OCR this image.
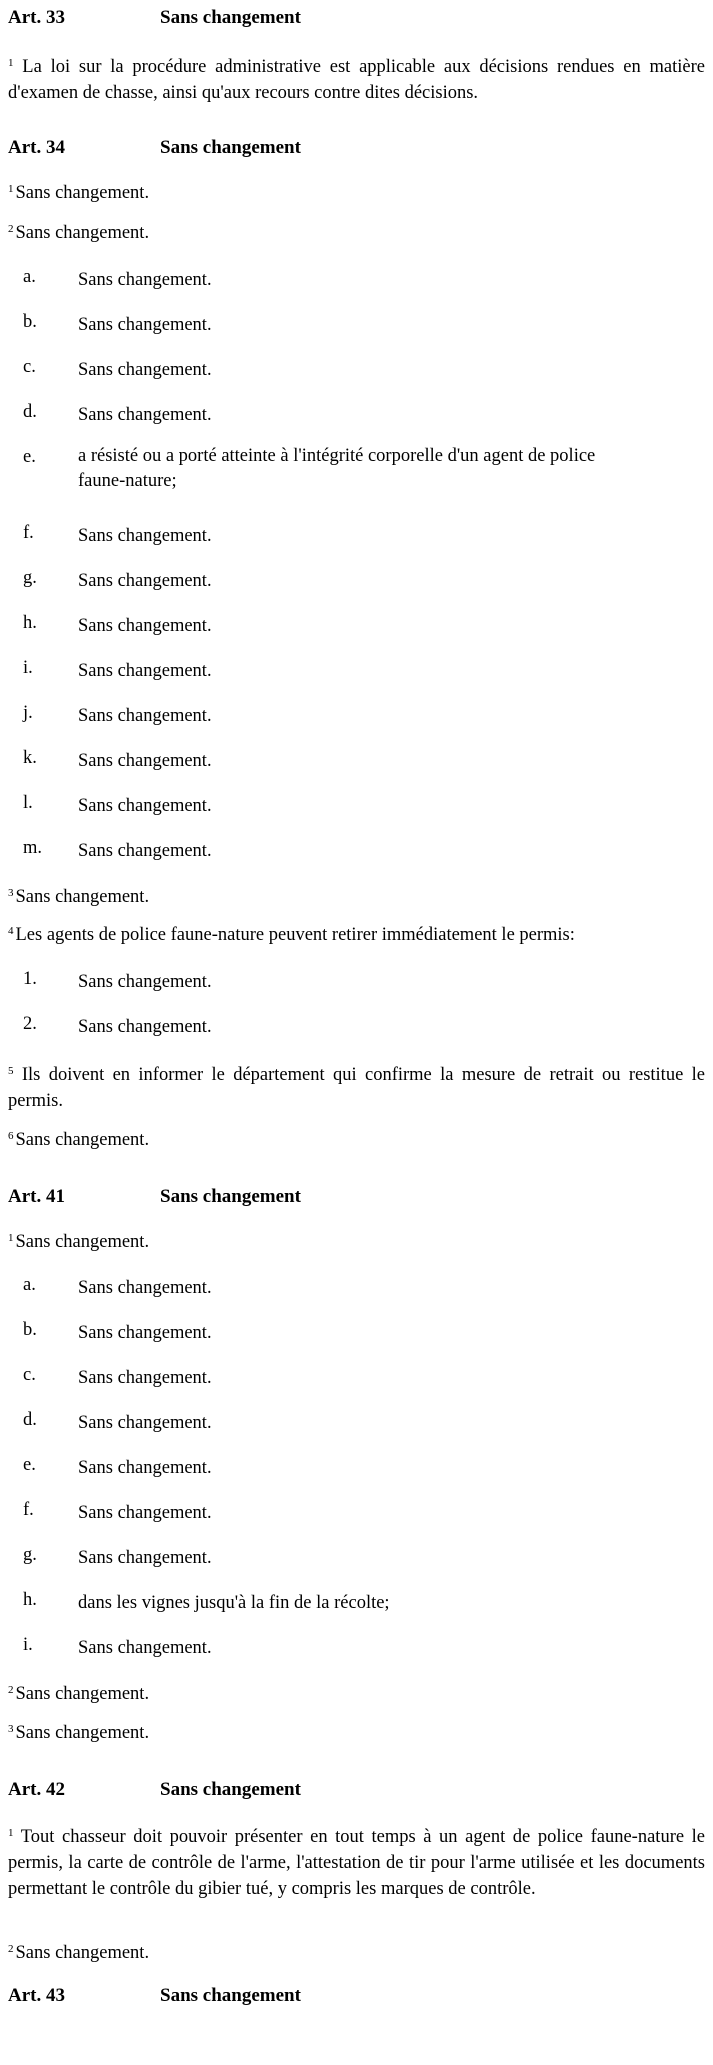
Art. 33	Sans changement
$^1$ La loi sur la procédure administrative est applicable aux décisions rendues en matière d'examen de chasse, ainsi qu'aux recours contre dites décisions.
Art. 34	Sans changement
$^1$ Sans changement.
$^2$ Sans changement.
a. Sans changement.
b. Sans changement.
c. Sans changement.
d. Sans changement.
e. a résisté ou a porté atteinte à l'intégrité corporelle d'un agent de police faune-nature;
f. Sans changement.
g. Sans changement.
h. Sans changement.
i. Sans changement.
j. Sans changement.
k. Sans changement.
l. Sans changement.
m. Sans changement.
$^3$ Sans changement.
$^4$ Les agents de police faune-nature peuvent retirer immédiatement le permis:
1. Sans changement.
2. Sans changement.
$^5$ Ils doivent en informer le département qui confirme la mesure de retrait ou restitue le permis.
$^6$ Sans changement.
Art. 41	Sans changement
$^1$ Sans changement.
a. Sans changement.
b. Sans changement.
c. Sans changement.
d. Sans changement.
e. Sans changement.
f. Sans changement.
g. Sans changement.
h. dans les vignes jusqu'à la fin de la récolte;
i. Sans changement.
$^2$ Sans changement.
$^3$ Sans changement.
Art. 42	Sans changement
$^1$ Tout chasseur doit pouvoir présenter en tout temps à un agent de police faune-nature le permis, la carte de contrôle de l'arme, l'attestation de tir pour l'arme utilisée et les documents permettant le contrôle du gibier tué, y compris les marques de contrôle.
$^2$ Sans changement.
Art. 43	Sans changement
